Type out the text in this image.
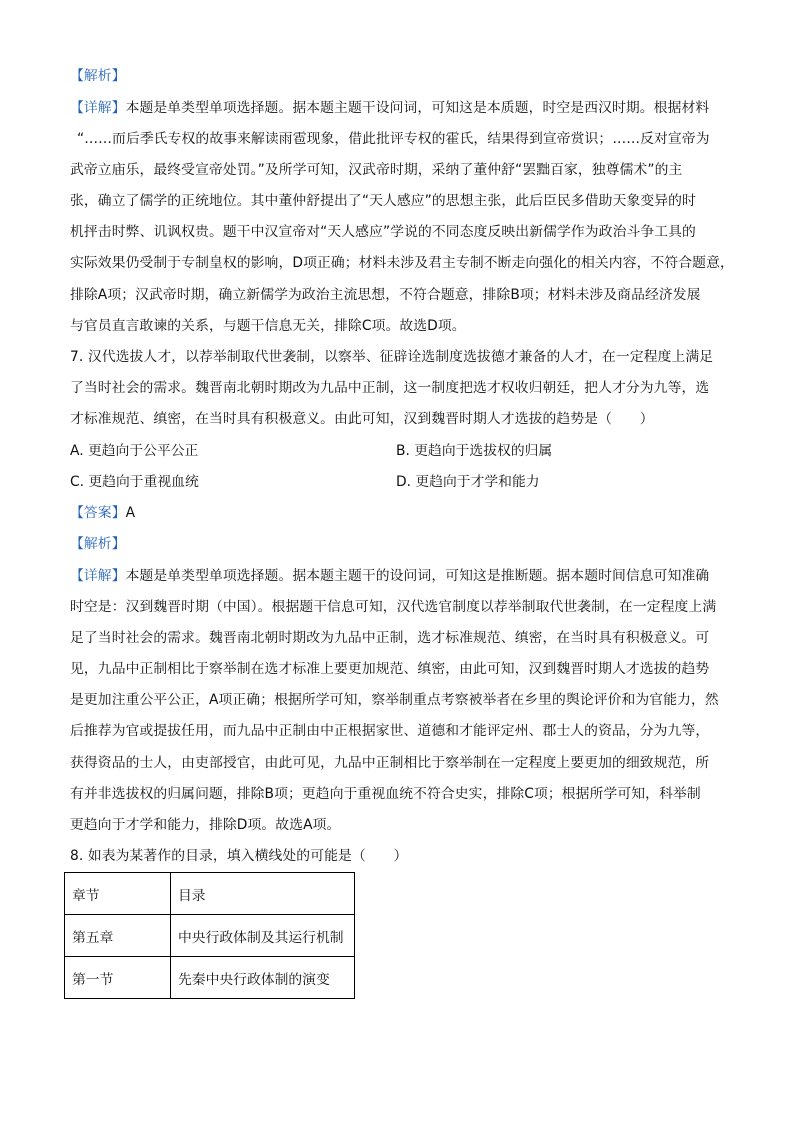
【解析】
【详解】本题是单类型单项选择题。据本题主题干设问词，可知这是本质题，时空是西汉时期。根据材料
“……而后季氏专权的故事来解读雨雹现象，借此批评专权的霍氏，结果得到宣帝赏识；……反对宣帝为
武帝立庙乐，最终受宣帝处罚。”及所学可知，汉武帝时期，采纳了董仲舒“罢黜百家，独尊儒术”的主
张，确立了儒学的正统地位。其中董仲舒提出了“天人感应”的思想主张，此后臣民多借助天象变异的时
机抨击时弊、讥讽权贵。题干中汉宣帝对“天人感应”学说的不同态度反映出新儒学作为政治斗争工具的
实际效果仍受制于专制皇权的影响，D项正确；材料未涉及君主专制不断走向强化的相关内容，不符合题意，
排除A项；汉武帝时期，确立新儒学为政治主流思想，不符合题意，排除B项；材料未涉及商品经济发展
与官员直言敢谏的关系，与题干信息无关，排除C项。故选D项。
7. 汉代选拔人才，以荐举制取代世袭制，以察举、征辟诠选制度选拔德才兼备的人才，在一定程度上满足
了当时社会的需求。魏晋南北朝时期改为九品中正制，这一制度把选才权收归朝廷，把人才分为九等，选
才标准规范、缜密，在当时具有积极意义。由此可知，汉到魏晋时期人才选拔的趋势是（　　）
A. 更趋向于公平公正	B. 更趋向于选拔权的归属
C. 更趋向于重视血统	D. 更趋向于才学和能力
【答案】A
【解析】
【详解】本题是单类型单项选择题。据本题主题干的设问词，可知这是推断题。据本题时间信息可知准确
时空是：汉到魏晋时期（中国）。根据题干信息可知，汉代选官制度以荐举制取代世袭制，在一定程度上满
足了当时社会的需求。魏晋南北朝时期改为九品中正制，选才标准规范、缜密，在当时具有积极意义。可
见，九品中正制相比于察举制在选才标准上要更加规范、缜密，由此可知，汉到魏晋时期人才选拔的趋势
是更加注重公平公正，A项正确；根据所学可知，察举制重点考察被举者在乡里的舆论评价和为官能力，然
后推荐为官或提拔任用，而九品中正制由中正根据家世、道德和才能评定州、郡士人的资品，分为九等，
获得资品的士人，由吏部授官，由此可见，九品中正制相比于察举制在一定程度上要更加的细致规范，所
有并非选拔权的归属问题，排除B项；更趋向于重视血统不符合史实，排除C项；根据所学可知，科举制
更趋向于才学和能力，排除D项。故选A项。
8. 如表为某著作的目录，填入横线处的可能是（　　）
章节	目录
第五章	中央行政体制及其运行机制
第一节	先秦中央行政体制的演变
